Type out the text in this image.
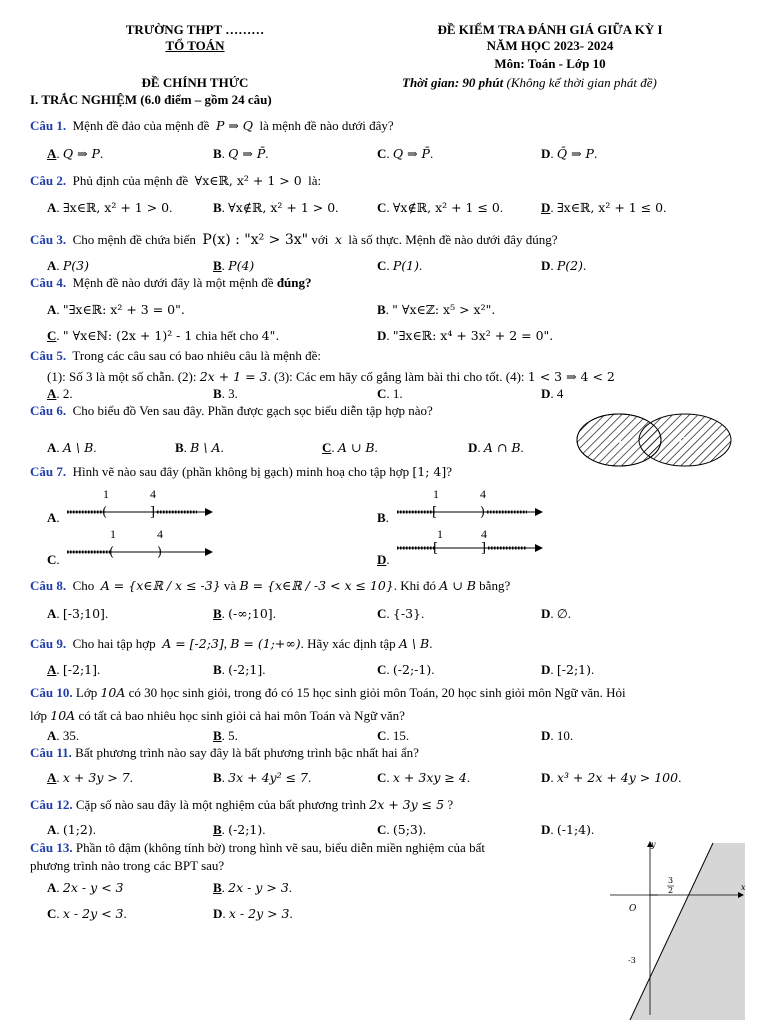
TRƯỜNG THPT ………
TỔ TOÁN
ĐỀ CHÍNH THỨC
ĐỀ KIỂM TRA ĐÁNH GIÁ GIỮA KỲ I
NĂM HỌC 2023- 2024
Môn: Toán - Lớp 10
Thời gian: 90 phút (Không kể thời gian phát đề)
I. TRẮC NGHIỆM (6.0 điểm – gồm 24 câu)
Câu 1. Mệnh đề đảo của mệnh đề P ⇒ Q là mệnh đề nào dưới đây?
A. Q ⇒ P.	B. Q ⇒ P̄.	C. Q ⇒ P̄.	D. Q̄ ⇒ P.
Câu 2. Phủ định của mệnh đề ∀x∈ℝ, x² + 1 > 0 là:
A. ∃x∈ℝ, x² + 1 > 0.	B. ∀x∉ℝ, x² + 1 > 0.	C. ∀x∉ℝ, x² + 1 ≤ 0.	D. ∃x∈ℝ, x² + 1 ≤ 0.
Câu 3. Cho mệnh đề chứa biến P(x) : "x² > 3x" với x là số thực. Mệnh đề nào dưới đây đúng?
A. P(3)	B. P(4)	C. P(1).	D. P(2).
Câu 4. Mệnh đề nào dưới đây là một mệnh đề đúng?
A. "∃x∈ℝ: x² + 3 = 0".	B. " ∀x∈ℤ: x⁵ > x²".
C. " ∀x∈ℕ: (2x + 1)² - 1 chia hết cho 4".	D. "∃x∈ℝ: x⁴ + 3x² + 2 = 0".
Câu 5. Trong các câu sau có bao nhiêu câu là mệnh đề:
(1): Số 3 là một số chẵn. (2): 2x + 1 = 3. (3): Các em hãy cố gắng làm bài thi cho tốt. (4): 1 < 3 ⇒ 4 < 2
A. 2.	B. 3.	C. 1.	D. 4
Câu 6. Cho biểu đồ Ven sau đây. Phần được gạch sọc biểu diễn tập hợp nào?
A. A \ B.	B. B \ A.	C. A ∪ B.	D. A ∩ B.	A	B
Câu 7. Hình vẽ nào sau đây (phần không bị gạch) minh hoạ cho tập hợp [1; 4]?
A.	B.
C.	D.
1	4
(	]
1	4
[	)
1	4
(	)
1	4
[	]
Câu 8. Cho A = {x∈ℝ / x ≤ -3} và B = {x∈ℝ / -3 < x ≤ 10}. Khi đó A ∪ B bằng?
A. [-3;10].	B. (-∞;10].	C. {-3}.	D. ∅.
Câu 9. Cho hai tập hợp A = [-2;3], B = (1;+∞). Hãy xác định tập A \ B.
A. [-2;1].	B. (-2;1].	C. (-2;-1).	D. [-2;1).
Câu 10. Lớp 10A có 30 học sinh giỏi, trong đó có 15 học sinh giỏi môn Toán, 20 học sinh giỏi môn Ngữ văn. Hỏi
lớp 10A có tất cả bao nhiêu học sinh giỏi cả hai môn Toán và Ngữ văn?
A. 35.	B. 5.	C. 15.	D. 10.
Câu 11. Bất phương trình nào say đây là bất phương trình bậc nhất hai ẩn?
A. x + 3y > 7.	B. 3x + 4y² ≤ 7.	C. x + 3xy ≥ 4.	D. x³ + 2x + 4y > 100.
Câu 12. Cặp số nào sau đây là một nghiệm của bất phương trình 2x + 3y ≤ 5 ?
A. (1;2).	B. (-2;1).	C. (5;3).	D. (-1;4).
Câu 13. Phần tô đậm (không tính bờ) trong hình vẽ sau, biểu diễn miền nghiệm của bất
phương trình nào trong các BPT sau?
A. 2x - y < 3	B. 2x - y > 3.
C. x - 2y < 3.	D. x - 2y > 3.
y
x
O
3
2
-3
